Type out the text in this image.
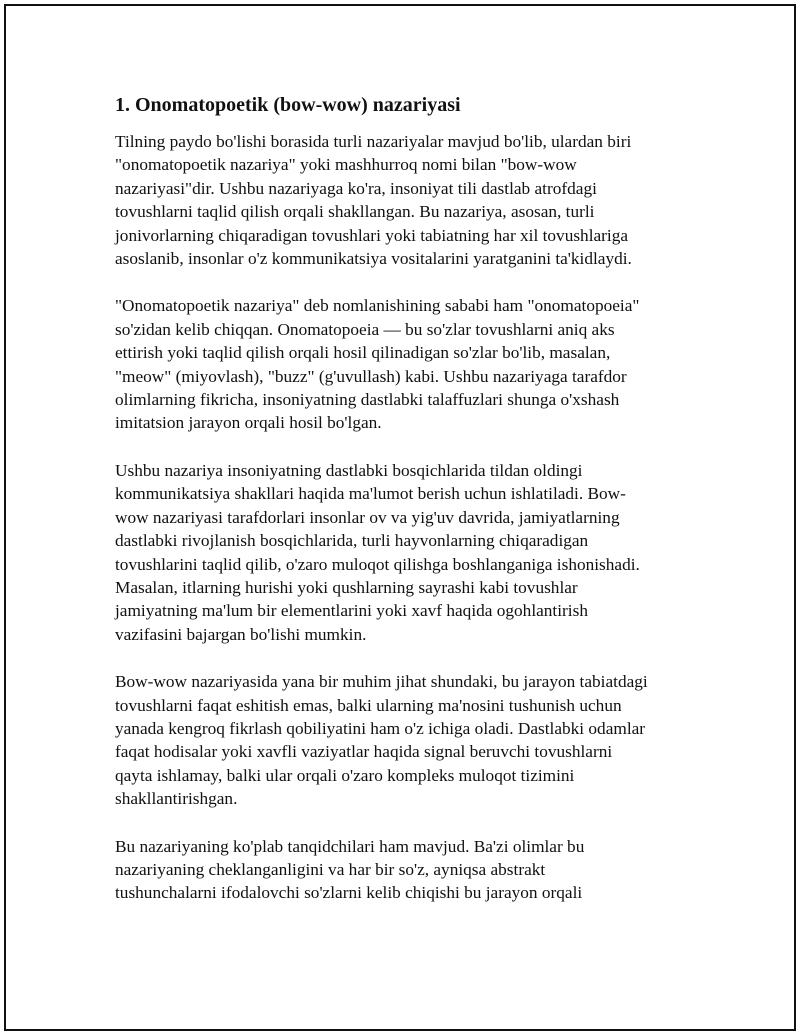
1. Onomatopoetik (bow-wow) nazariyasi

Tilning paydo bo'lishi borasida turli nazariyalar mavjud bo'lib, ulardan biri
"onomatopoetik nazariya" yoki mashhurroq nomi bilan "bow-wow
nazariyasi"dir. Ushbu nazariyaga ko'ra, insoniyat tili dastlab atrofdagi
tovushlarni taqlid qilish orqali shakllangan. Bu nazariya, asosan, turli
jonivorlarning chiqaradigan tovushlari yoki tabiatning har xil tovushlariga
asoslanib, insonlar o'z kommunikatsiya vositalarini yaratganini ta'kidlaydi.

"Onomatopoetik nazariya" deb nomlanishining sababi ham "onomatopoeia"
so'zidan kelib chiqqan. Onomatopoeia — bu so'zlar tovushlarni aniq aks
ettirish yoki taqlid qilish orqali hosil qilinadigan so'zlar bo'lib, masalan,
"meow" (miyovlash), "buzz" (g'uvullash) kabi. Ushbu nazariyaga tarafdor
olimlarning fikricha, insoniyatning dastlabki talaffuzlari shunga o'xshash
imitatsion jarayon orqali hosil bo'lgan.

Ushbu nazariya insoniyatning dastlabki bosqichlarida tildan oldingi
kommunikatsiya shakllari haqida ma'lumot berish uchun ishlatiladi. Bow-
wow nazariyasi tarafdorlari insonlar ov va yig'uv davrida, jamiyatlarning
dastlabki rivojlanish bosqichlarida, turli hayvonlarning chiqaradigan
tovushlarini taqlid qilib, o'zaro muloqot qilishga boshlanganiga ishonishadi.
Masalan, itlarning hurishi yoki qushlarning sayrashi kabi tovushlar
jamiyatning ma'lum bir elementlarini yoki xavf haqida ogohlantirish
vazifasini bajargan bo'lishi mumkin.

Bow-wow nazariyasida yana bir muhim jihat shundaki, bu jarayon tabiatdagi
tovushlarni faqat eshitish emas, balki ularning ma'nosini tushunish uchun
yanada kengroq fikrlash qobiliyatini ham o'z ichiga oladi. Dastlabki odamlar
faqat hodisalar yoki xavfli vaziyatlar haqida signal beruvchi tovushlarni
qayta ishlamay, balki ular orqali o'zaro kompleks muloqot tizimini
shakllantirishgan.

Bu nazariyaning ko'plab tanqidchilari ham mavjud. Ba'zi olimlar bu
nazariyaning cheklanganligini va har bir so'z, ayniqsa abstrakt
tushunchalarni ifodalovchi so'zlarni kelib chiqishi bu jarayon orqali
